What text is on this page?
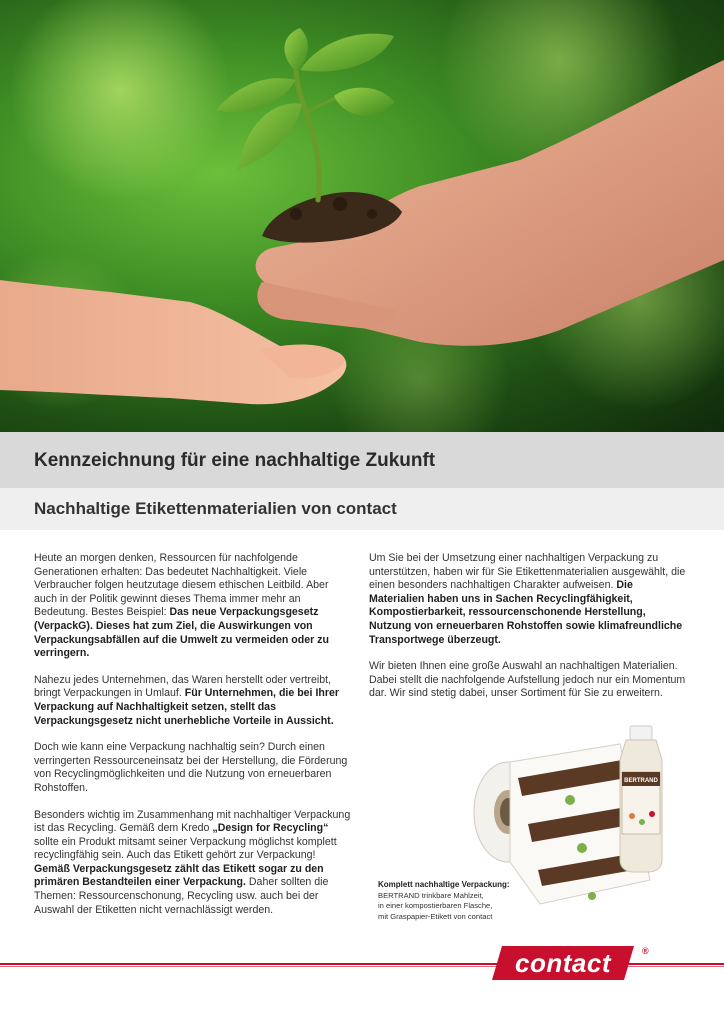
Kennzeichnung für eine nachhaltige Zukunft
Nachhaltige Etikettenmaterialien von contact

Heute an morgen denken, Ressourcen für nachfolgende Generationen erhalten: Das bedeutet Nachhaltigkeit. Viele Verbraucher folgen heutzutage diesem ethischen Leitbild. Aber auch in der Politik gewinnt dieses Thema immer mehr an Bedeutung. Bestes Beispiel: Das neue Verpackungsgesetz (VerpackG). Dieses hat zum Ziel, die Auswirkungen von Verpackungsabfällen auf die Umwelt zu vermeiden oder zu verringern.

Nahezu jedes Unternehmen, das Waren herstellt oder vertreibt, bringt Verpackungen in Umlauf. Für Unternehmen, die bei Ihrer Verpackung auf Nachhaltigkeit setzen, stellt das Verpackungsgesetz nicht unerhebliche Vorteile in Aussicht.

Doch wie kann eine Verpackung nachhaltig sein? Durch einen verringerten Ressourceneinsatz bei der Herstellung, die Förderung von Recyclingmöglichkeiten und die Nutzung von erneuerbaren Rohstoffen.

Besonders wichtig im Zusammenhang mit nachhaltiger Verpackung ist das Recycling. Gemäß dem Kredo „Design for Recycling“ sollte ein Produkt mitsamt seiner Verpackung möglichst komplett recyclingfähig sein. Auch das Etikett gehört zur Verpackung! Gemäß Verpackungsgesetz zählt das Etikett sogar zu den primären Bestandteilen einer Verpackung. Daher sollten die Themen: Ressourcenschonung, Recycling usw. auch bei der Auswahl der Etiketten nicht vernachlässigt werden.

Um Sie bei der Umsetzung einer nachhaltigen Verpackung zu unterstützen, haben wir für Sie Etikettenmaterialien ausgewählt, die einen besonders nachhaltigen Charakter aufweisen. Die Materialien haben uns in Sachen Recyclingfähigkeit, Kompostierbarkeit, ressourcenschonende Herstellung, Nutzung von erneuerbaren Rohstoffen sowie klimafreundliche Transportwege überzeugt.

Wir bieten Ihnen eine große Auswahl an nachhaltigen Materialien. Dabei stellt die nachfolgende Aufstellung jedoch nur ein Momentum dar. Wir sind stetig dabei, unser Sortiment für Sie zu erweitern.

BERTRAND
Komplett nachhaltige Verpackung:
BERTRAND trinkbare Mahlzeit,
in einer kompostierbaren Flasche,
mit Graspapier-Etikett von contact
contact	®
